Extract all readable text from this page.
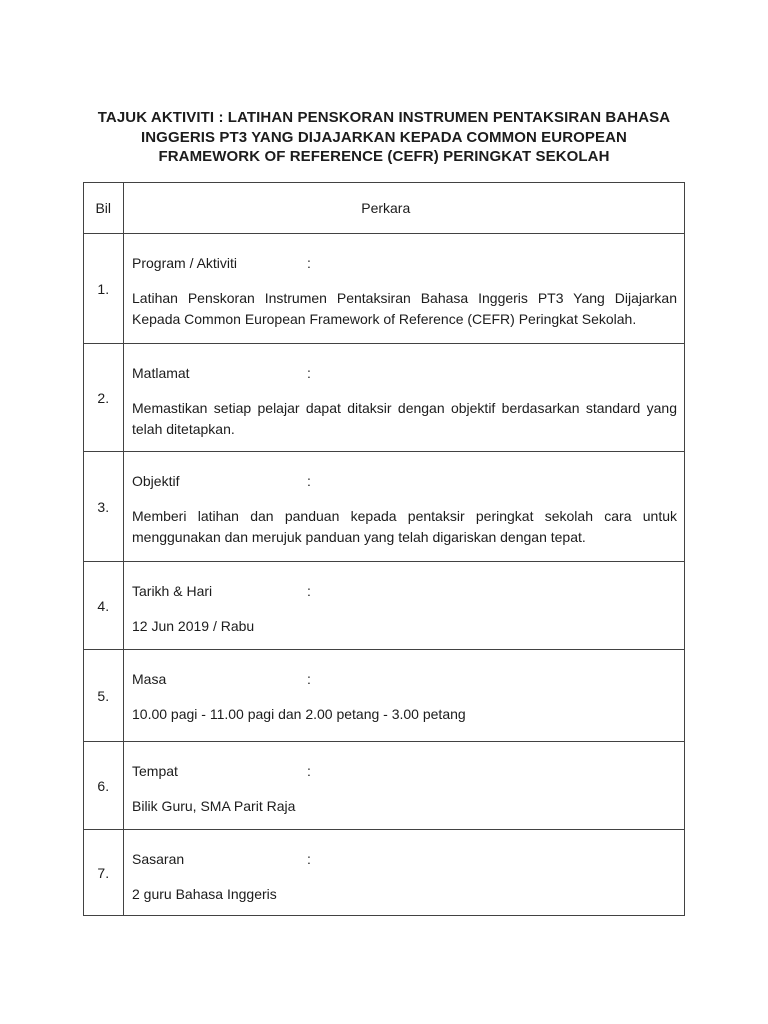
TAJUK AKTIVITI : LATIHAN PENSKORAN INSTRUMEN PENTAKSIRAN BAHASA
INGGERIS PT3 YANG DIJAJARKAN KEPADA COMMON EUROPEAN
FRAMEWORK OF REFERENCE (CEFR) PERINGKAT SEKOLAH
Bil	Perkara
1.
Program / Aktiviti	:
Latihan Penskoran Instrumen Pentaksiran Bahasa Inggeris PT3 Yang Dijajarkan Kepada Common European Framework of Reference (CEFR) Peringkat Sekolah.
2.
Matlamat	:
Memastikan setiap pelajar dapat ditaksir dengan objektif berdasarkan standard yang telah ditetapkan.
3.
Objektif	:
Memberi latihan dan panduan kepada pentaksir peringkat sekolah cara untuk menggunakan dan merujuk panduan yang telah digariskan dengan tepat.
4.
Tarikh & Hari	:
12 Jun 2019 / Rabu
5.
Masa	:
10.00 pagi - 11.00 pagi dan 2.00 petang - 3.00 petang
6.
Tempat	:
Bilik Guru, SMA Parit Raja
7.
Sasaran	:
2 guru Bahasa Inggeris
